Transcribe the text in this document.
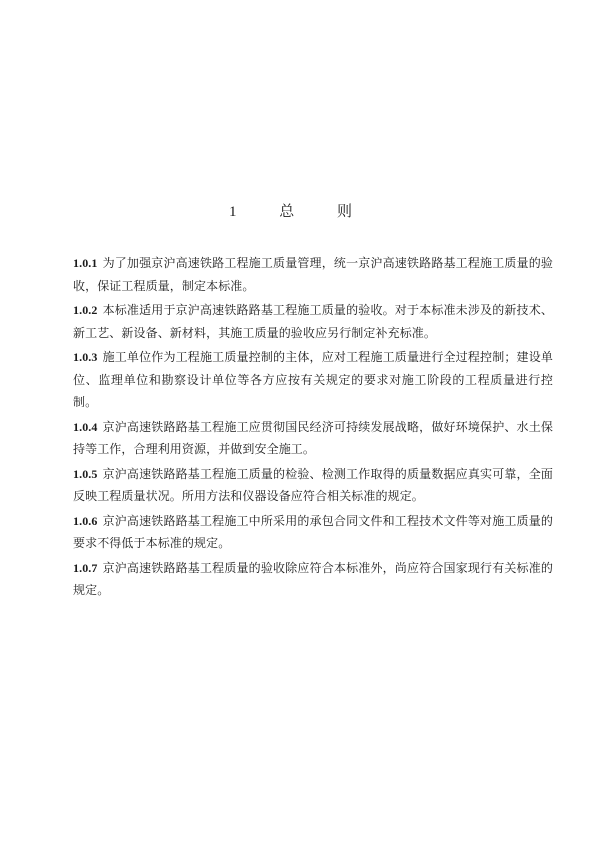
1	总	则

1.0.1 为了加强京沪高速铁路工程施工质量管理，统一京沪高速铁路路基工程施工质量的验收，保证工程质量，制定本标准。

1.0.2 本标准适用于京沪高速铁路路基工程施工质量的验收。对于本标准未涉及的新技术、新工艺、新设备、新材料，其施工质量的验收应另行制定补充标准。

1.0.3 施工单位作为工程施工质量控制的主体，应对工程施工质量进行全过程控制；建设单位、监理单位和勘察设计单位等各方应按有关规定的要求对施工阶段的工程质量进行控制。

1.0.4 京沪高速铁路路基工程施工应贯彻国民经济可持续发展战略，做好环境保护、水土保持等工作，合理利用资源，并做到安全施工。

1.0.5 京沪高速铁路路基工程施工质量的检验、检测工作取得的质量数据应真实可靠，全面反映工程质量状况。所用方法和仪器设备应符合相关标准的规定。

1.0.6 京沪高速铁路路基工程施工中所采用的承包合同文件和工程技术文件等对施工质量的要求不得低于本标准的规定。

1.0.7 京沪高速铁路路基工程质量的验收除应符合本标准外，尚应符合国家现行有关标准的规定。
